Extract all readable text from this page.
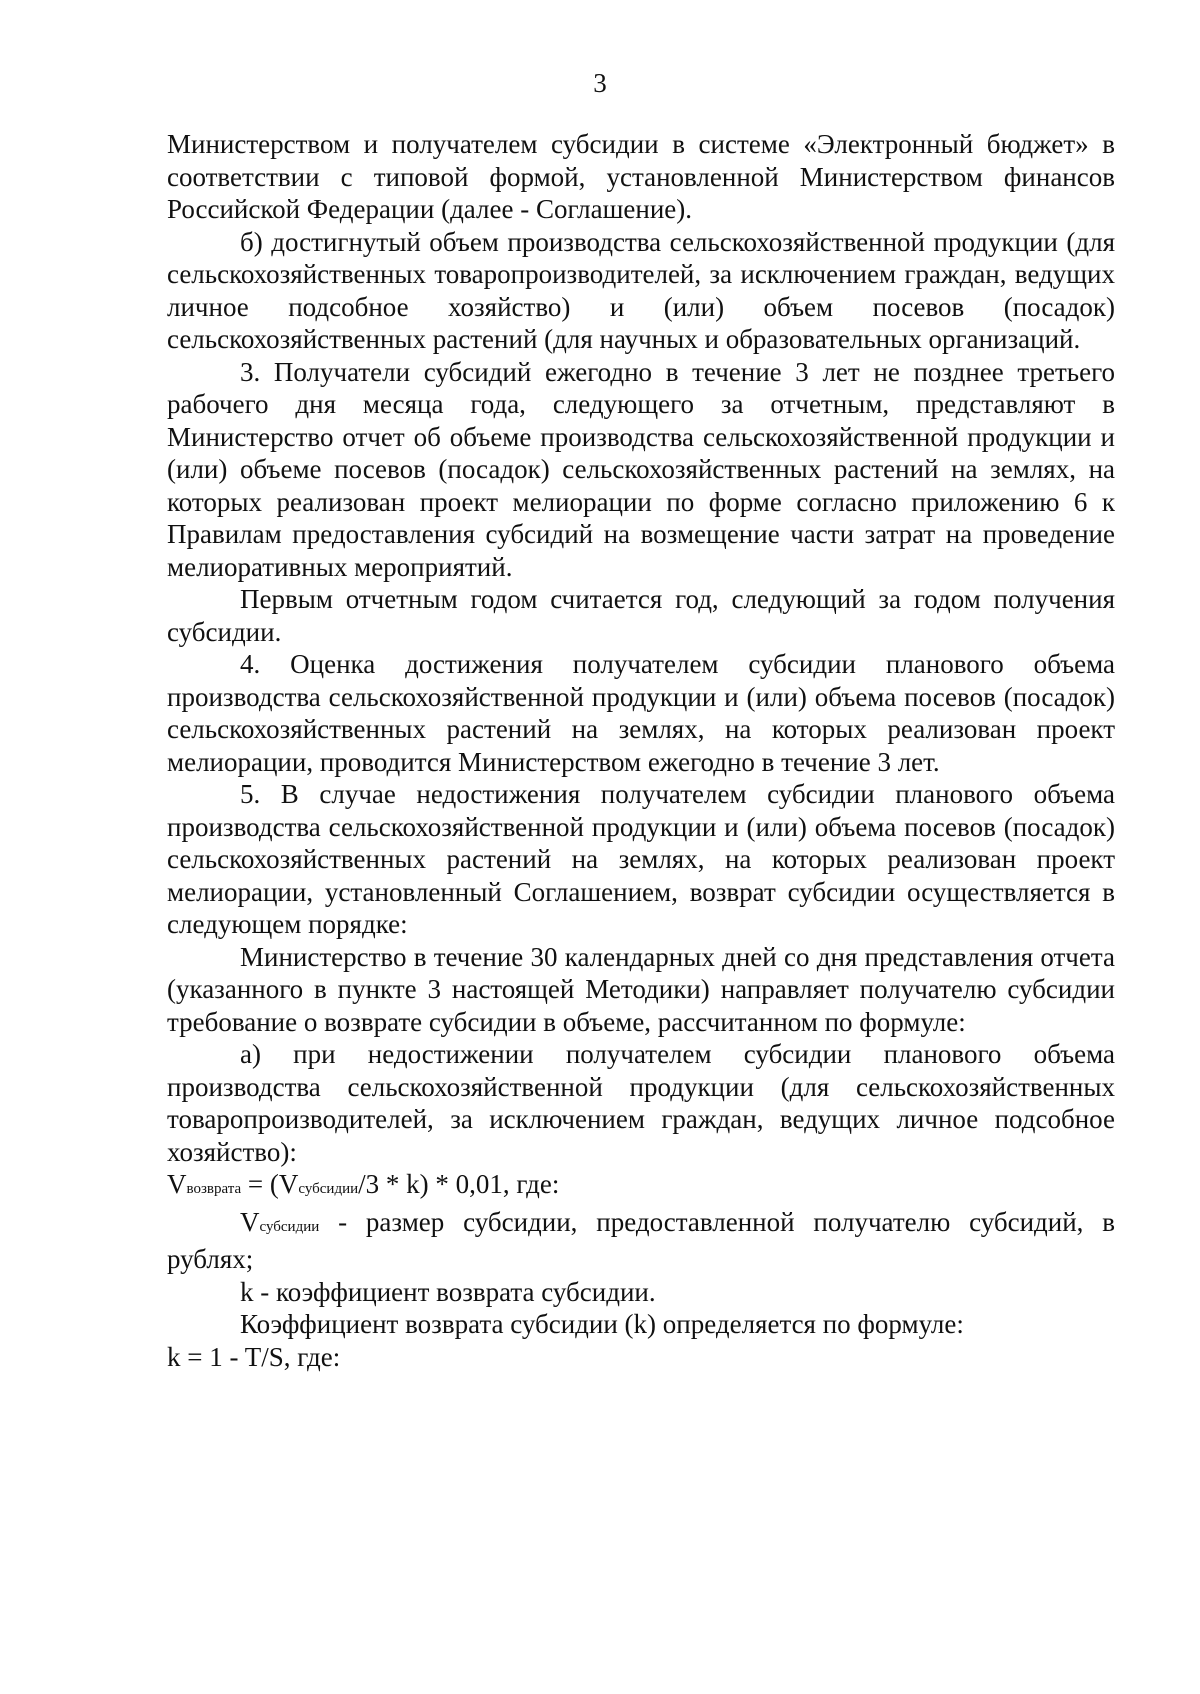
3

Министерством и получателем субсидии в системе «Электронный бюджет» в соответствии с типовой формой, установленной Министерством финансов Российской Федерации (далее - Соглашение).

б) достигнутый объем производства сельскохозяйственной продукции (для сельскохозяйственных товаропроизводителей, за исключением граждан, ведущих личное подсобное хозяйство) и (или) объем посевов (посадок) сельскохозяйственных растений (для научных и образовательных организаций.

3. Получатели субсидий ежегодно в течение 3 лет не позднее третьего рабочего дня месяца года, следующего за отчетным, представляют в Министерство отчет об объеме производства сельскохозяйственной продукции и (или) объеме посевов (посадок) сельскохозяйственных растений на землях, на которых реализован проект мелиорации по форме согласно приложению 6 к Правилам предоставления субсидий на возмещение части затрат на проведение мелиоративных мероприятий.

Первым отчетным годом считается год, следующий за годом получения субсидии.

4. Оценка достижения получателем субсидии планового объема производства сельскохозяйственной продукции и (или) объема посевов (посадок) сельскохозяйственных растений на землях, на которых реализован проект мелиорации, проводится Министерством ежегодно в течение 3 лет.

5. В случае недостижения получателем субсидии планового объема производства сельскохозяйственной продукции и (или) объема посевов (посадок) сельскохозяйственных растений на землях, на которых реализован проект мелиорации, установленный Соглашением, возврат субсидии осуществляется в следующем порядке:

Министерство в течение 30 календарных дней со дня представления отчета (указанного в пункте 3 настоящей Методики) направляет получателю субсидии требование о возврате субсидии в объеме, рассчитанном по формуле:

а) при недостижении получателем субсидии планового объема производства сельскохозяйственной продукции (для сельскохозяйственных товаропроизводителей, за исключением граждан, ведущих личное подсобное хозяйство):

Vвозврата = (Vсубсидии/3 * k) * 0,01, где:

Vсубсидии - размер субсидии, предоставленной получателю субсидий, в рублях;

k - коэффициент возврата субсидии.

Коэффициент возврата субсидии (k) определяется по формуле:

k = 1 - T/S, где:
